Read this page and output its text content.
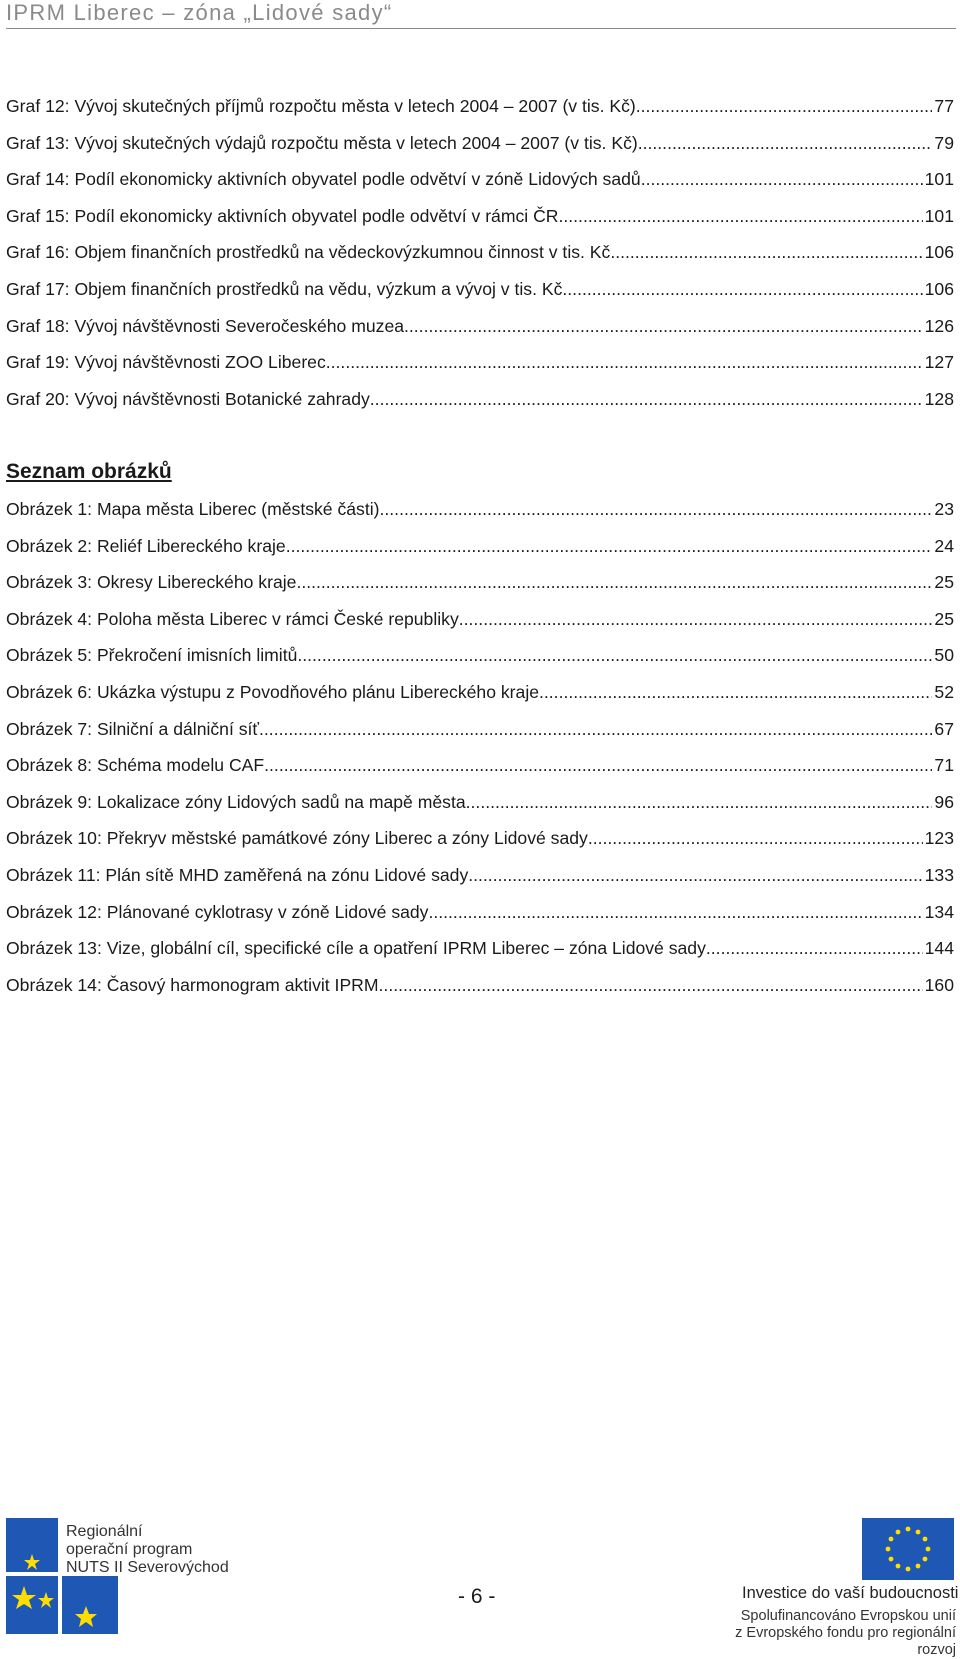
IPRM Liberec – zóna „Lidové sady“
Graf 12: Vývoj skutečných příjmů rozpočtu města v letech 2004 – 2007 (v tis. Kč) .....	77
Graf 13: Vývoj skutečných výdajů rozpočtu města v letech 2004 – 2007 (v tis. Kč) .....	79
Graf 14: Podíl ekonomicky aktivních obyvatel podle odvětví v zóně Lidových sadů .....	101
Graf 15: Podíl ekonomicky aktivních obyvatel podle odvětví v rámci ČR .....	101
Graf 16: Objem finančních prostředků na vědeckovýzkumnou činnost v tis. Kč .....	106
Graf 17: Objem finančních prostředků na vědu, výzkum a vývoj v tis. Kč .....	106
Graf 18: Vývoj návštěvnosti Severočeského muzea .....	126
Graf 19: Vývoj návštěvnosti ZOO Liberec .....	127
Graf 20: Vývoj návštěvnosti Botanické zahrady .....	128
Seznam obrázků
Obrázek 1: Mapa města Liberec (městské části) .....	23
Obrázek 2: Reliéf Libereckého kraje .....	24
Obrázek 3: Okresy Libereckého kraje .....	25
Obrázek 4: Poloha města Liberec v rámci České republiky .....	25
Obrázek 5: Překročení imisních limitů .....	50
Obrázek 6: Ukázka výstupu z Povodňového plánu Libereckého kraje .....	52
Obrázek 7: Silniční a dálniční síť .....	67
Obrázek 8: Schéma modelu CAF .....	71
Obrázek 9: Lokalizace zóny Lidových sadů na mapě města .....	96
Obrázek 10: Překryv městské památkové zóny Liberec a zóny Lidové sady .....	123
Obrázek 11: Plán sítě MHD zaměřená na zónu Lidové sady .....	133
Obrázek 12: Plánované cyklotrasy v zóně Lidové sady .....	134
Obrázek 13: Vize, globální cíl, specifické cíle a opatření IPRM Liberec – zóna Lidové sady .....	144
Obrázek 14: Časový harmonogram aktivit IPRM .....	160
Regionální
operační program
NUTS II Severovýchod
- 6 -	Investice do vaší budoucnosti
Spolufinancováno Evropskou unií
z Evropského fondu pro regionální rozvoj
